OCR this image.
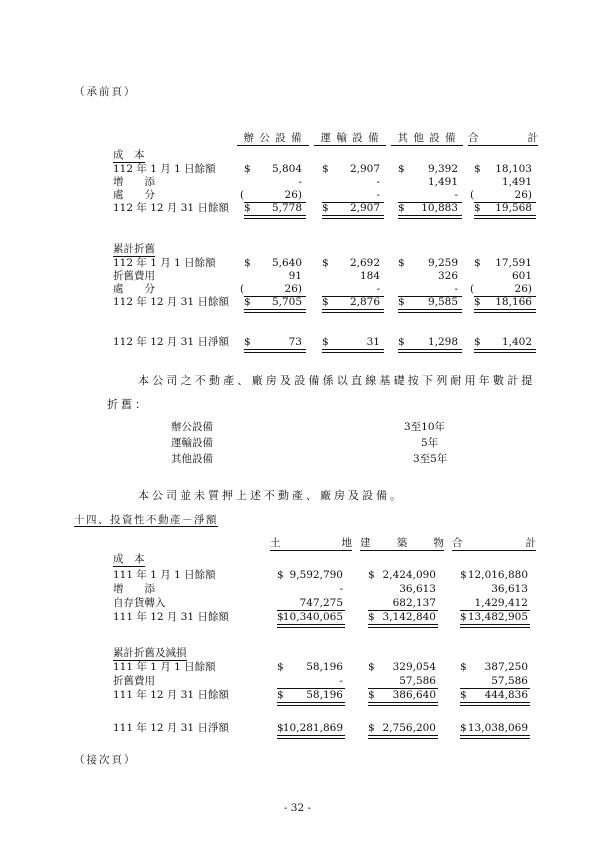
（承前頁）
辦 公 設 備	運 輸 設 備	其 他 設 備	合	計
成　本
112 年 1 月 1 日餘額	$	5,804 $	2,907 $	9,392 $	18,103
增　　添	-	-	1,491	1,491
處　　分	(	26)	-	- (	26)
112 年 12 月 31 日餘額 $	5,778 $	2,907 $	10,883 $	19,568
累計折舊
112 年 1 月 1 日餘額	$	5,640 $	2,692 $	9,259 $	17,591
折舊費用	91	184	326	601
處　　分	(	26)	-	- (	26)
112 年 12 月 31 日餘額 $	5,705 $	2,876 $	9,585 $	18,166
112 年 12 月 31 日淨額 $	73 $	31 $	1,298 $	1,402
本公司之不動產、廠房及設備係以直線基礎按下列耐用年數計提
折舊：
辦公設備	3至10年
運輸設備	5年
其他設備	3至5年
本公司並未質押上述不動產、廠房及設備。
十四、投資性不動產－淨額
土	地 建	築	物 合	計
成　本
111 年 1 月 1 日餘額	$ 9,592,790 $ 2,424,090 $ 12,016,880
增　　添	-	36,613	36,613
自存貨轉入	747,275	682,137	1,429,412
111 年 12 月 31 日餘額	$ 10,340,065 $ 3,142,840 $ 13,482,905
累計折舊及減損
111 年 1 月 1 日餘額	$	58,196 $	329,054 $	387,250
折舊費用	-	57,586	57,586
111 年 12 月 31 日餘額	$	58,196 $	386,640 $	444,836
111 年 12 月 31 日淨額	$ 10,281,869 $ 2,756,200 $ 13,038,069
（接次頁）
- 32 -
